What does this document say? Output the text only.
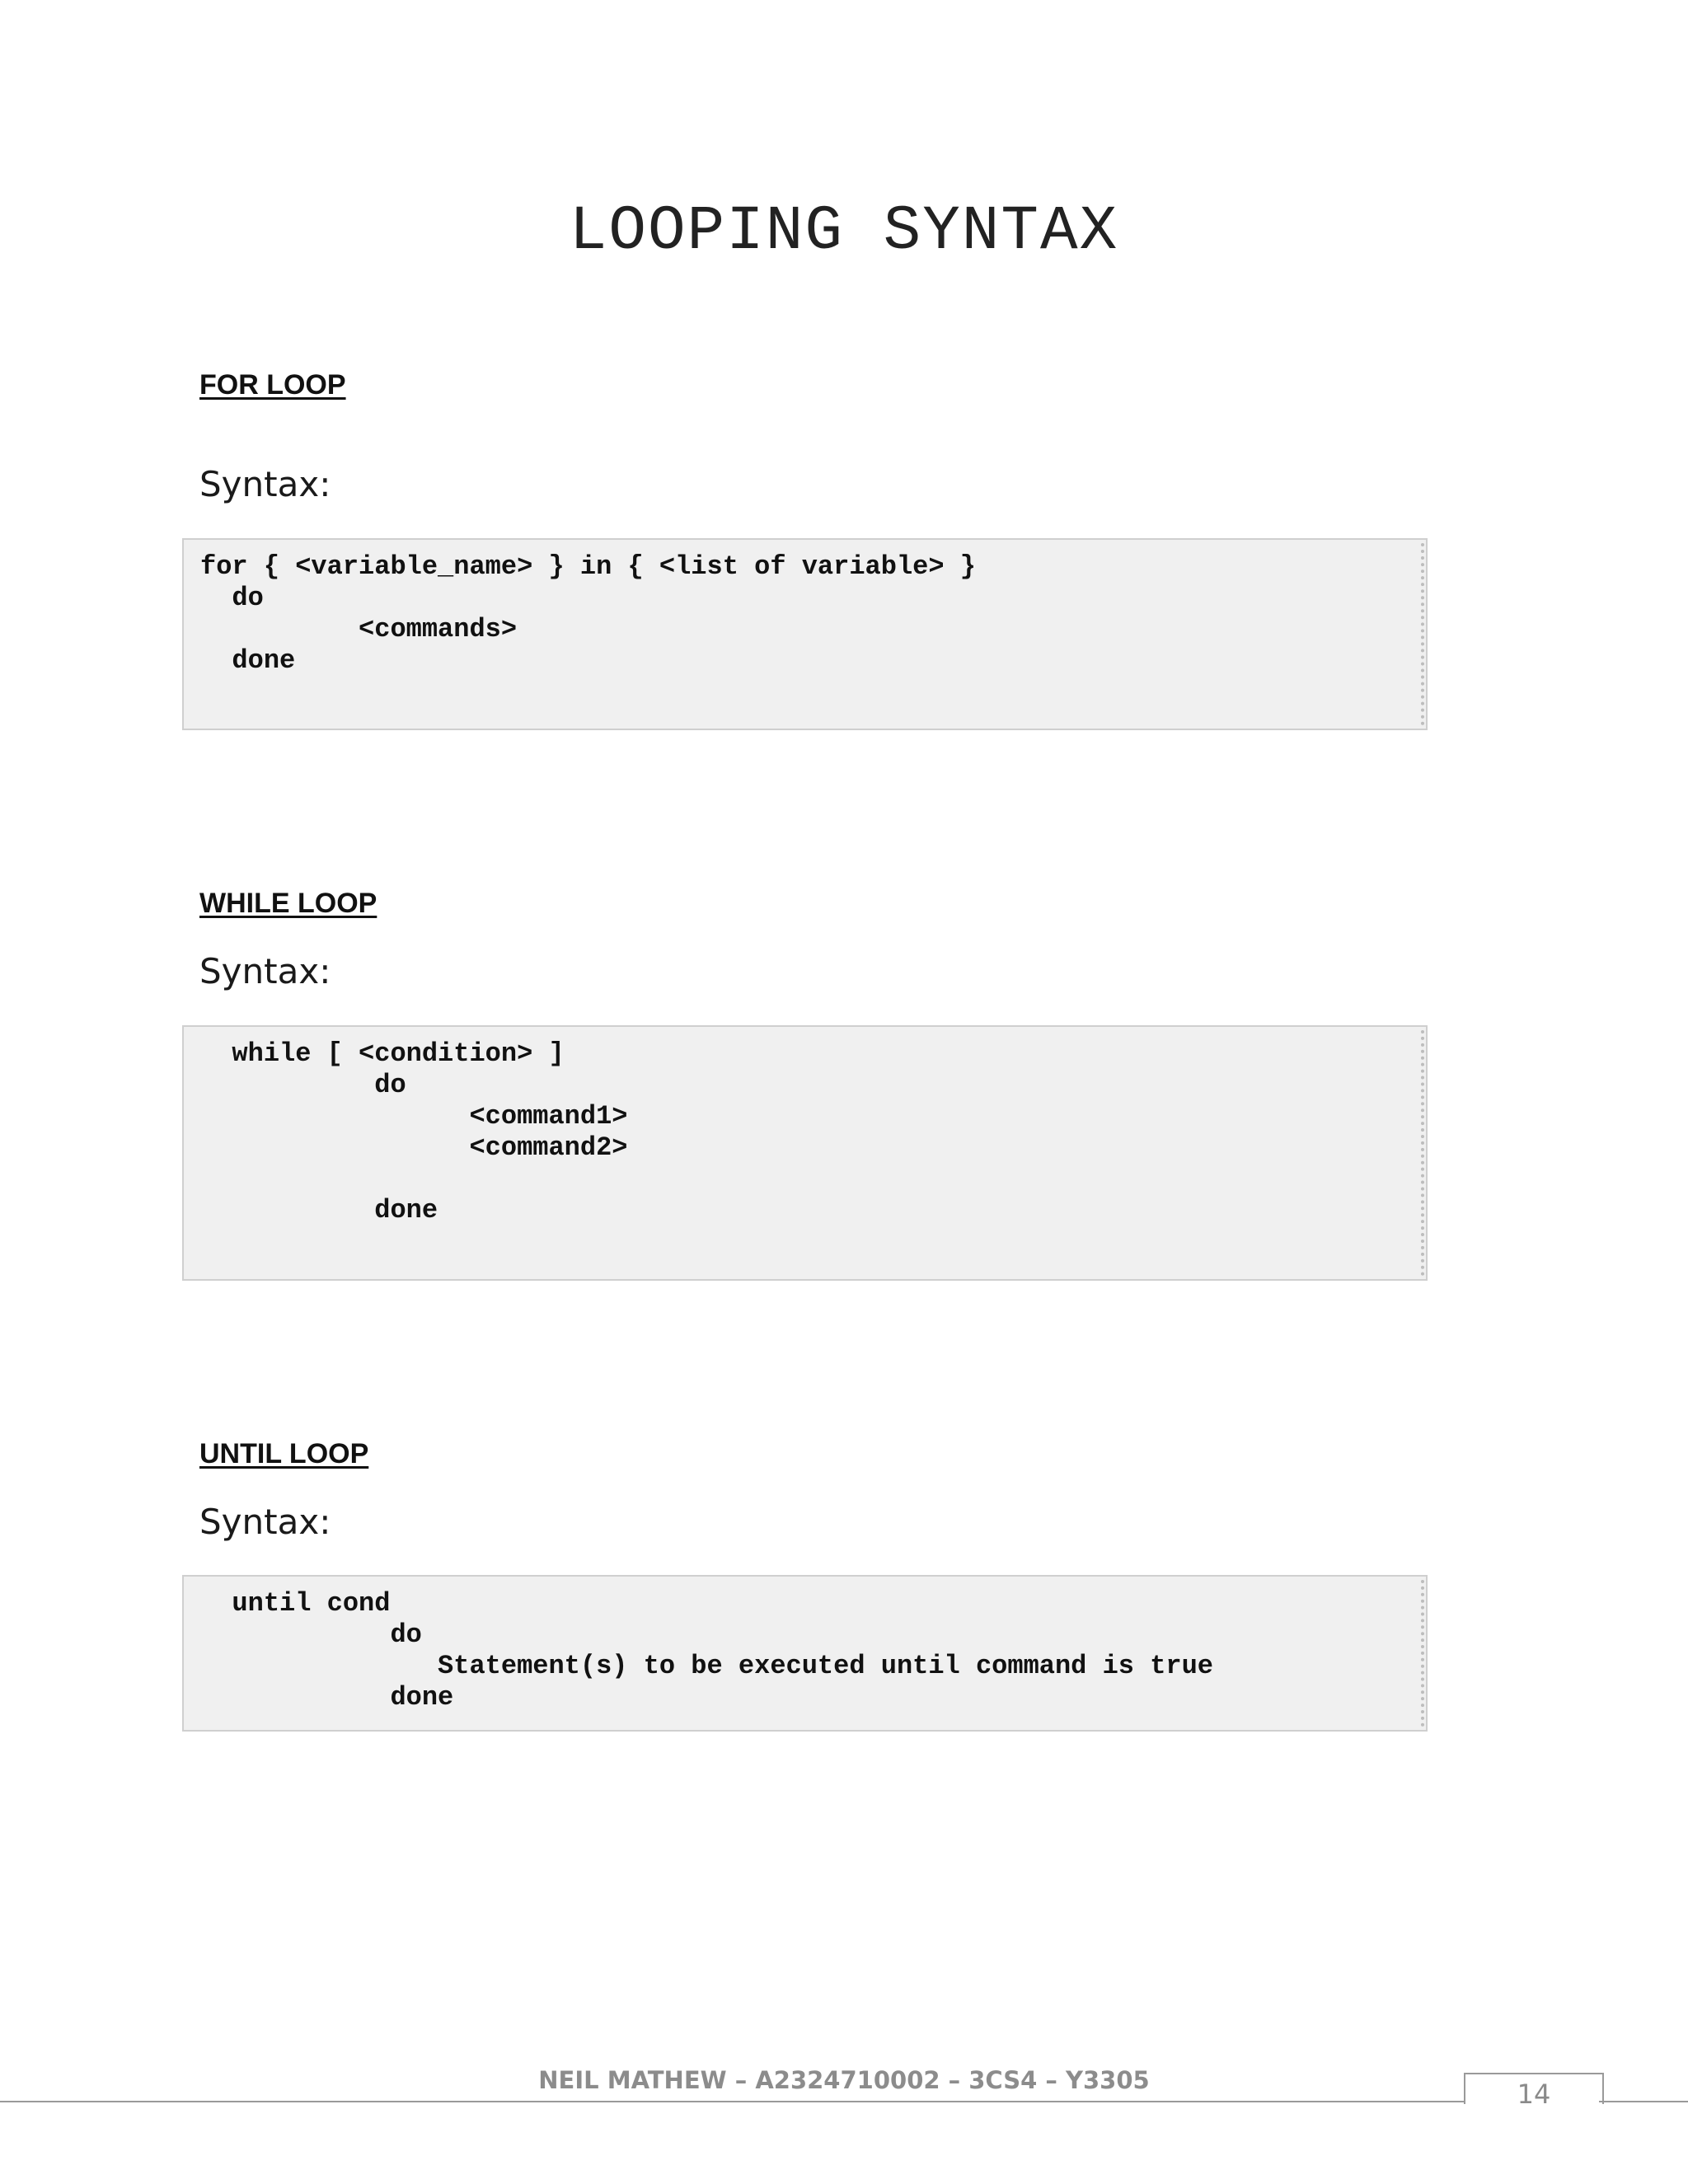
LOOPING SYNTAX
FOR LOOP
Syntax:
for { <variable_name> } in { <list of variable> }
do
<commands>
done
WHILE LOOP
Syntax:
while [ <condition> ]
do
<command1>
<command2>

done
UNTIL LOOP
Syntax:
until cond
do
Statement(s) to be executed until command is true
done
NEIL MATHEW – A2324710002 – 3CS4 – Y3305	14
